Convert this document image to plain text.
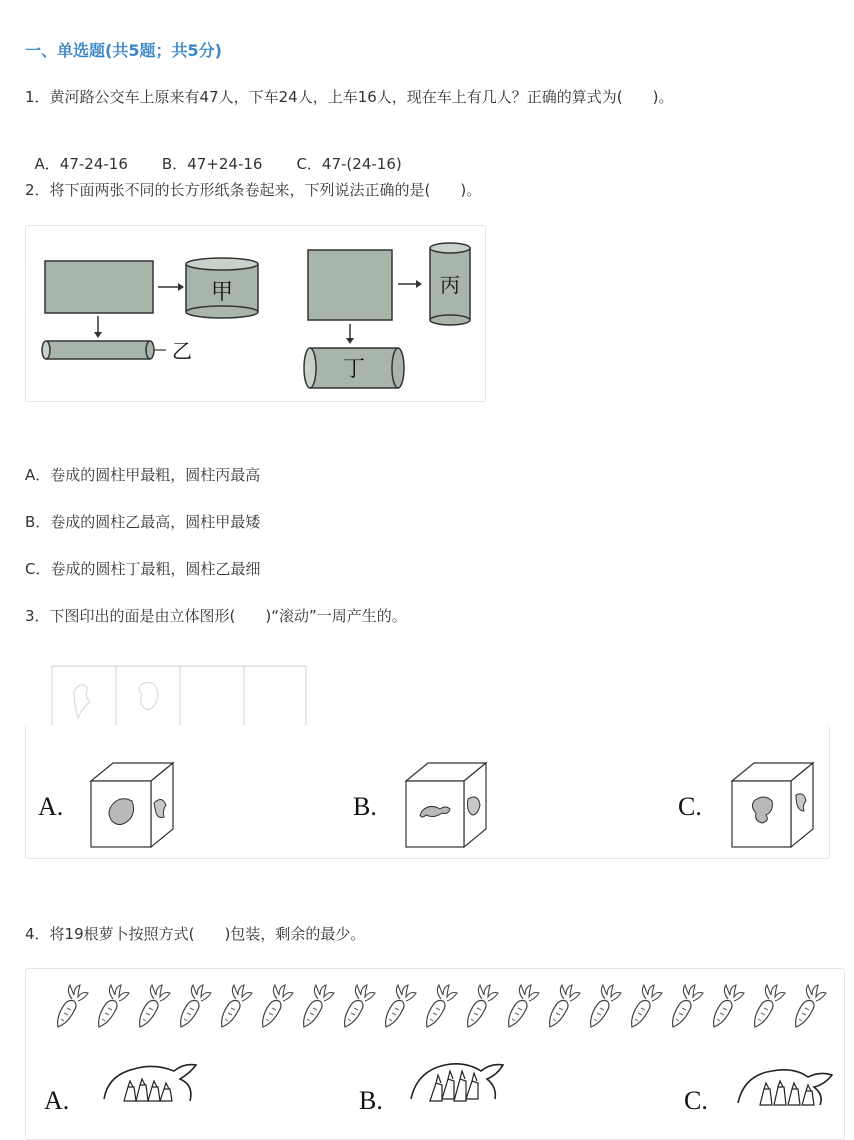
一、单选题(共5题；共5分)
1．黄河路公交车上原来有47人，下车24人，上车16人，现在车上有几人？正确的算式为(　　)。

A．47-24-16 B．47+24-16 C．47-(24-16)

2．将下面两张不同的长方形纸条卷起来，下列说法正确的是(　　)。
甲
乙
丙
丁
A．卷成的圆柱甲最粗，圆柱丙最高
B．卷成的圆柱乙最高，圆柱甲最矮
C．卷成的圆柱丁最粗，圆柱乙最细
3．下图印出的面是由立体图形(　　)“滚动”一周产生的。
A.	B.	C.
4．将19根萝卜按照方式(　　)包装，剩余的最少。
A.	B.	C.
